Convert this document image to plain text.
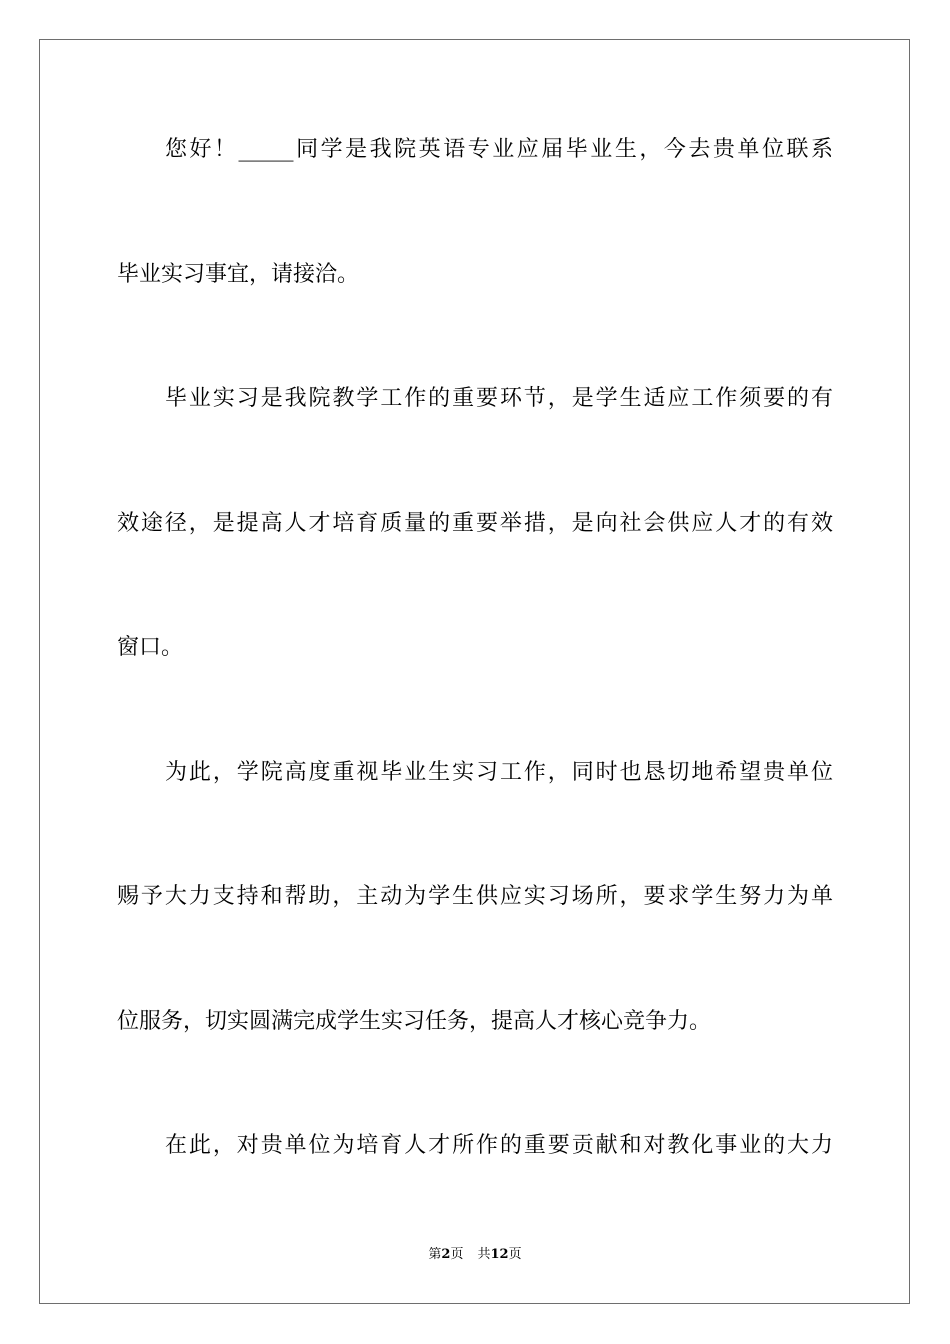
您好！_____同学是我院英语专业应届毕业生，今去贵单位联系
毕业实习事宜，请接洽。
毕业实习是我院教学工作的重要环节，是学生适应工作须要的有
效途径，是提高人才培育质量的重要举措，是向社会供应人才的有效
窗口。
为此，学院高度重视毕业生实习工作，同时也恳切地希望贵单位
赐予大力支持和帮助，主动为学生供应实习场所，要求学生努力为单
位服务，切实圆满完成学生实习任务，提高人才核心竞争力。
在此，对贵单位为培育人才所作的重要贡献和对教化事业的大力
第2页 共12页
